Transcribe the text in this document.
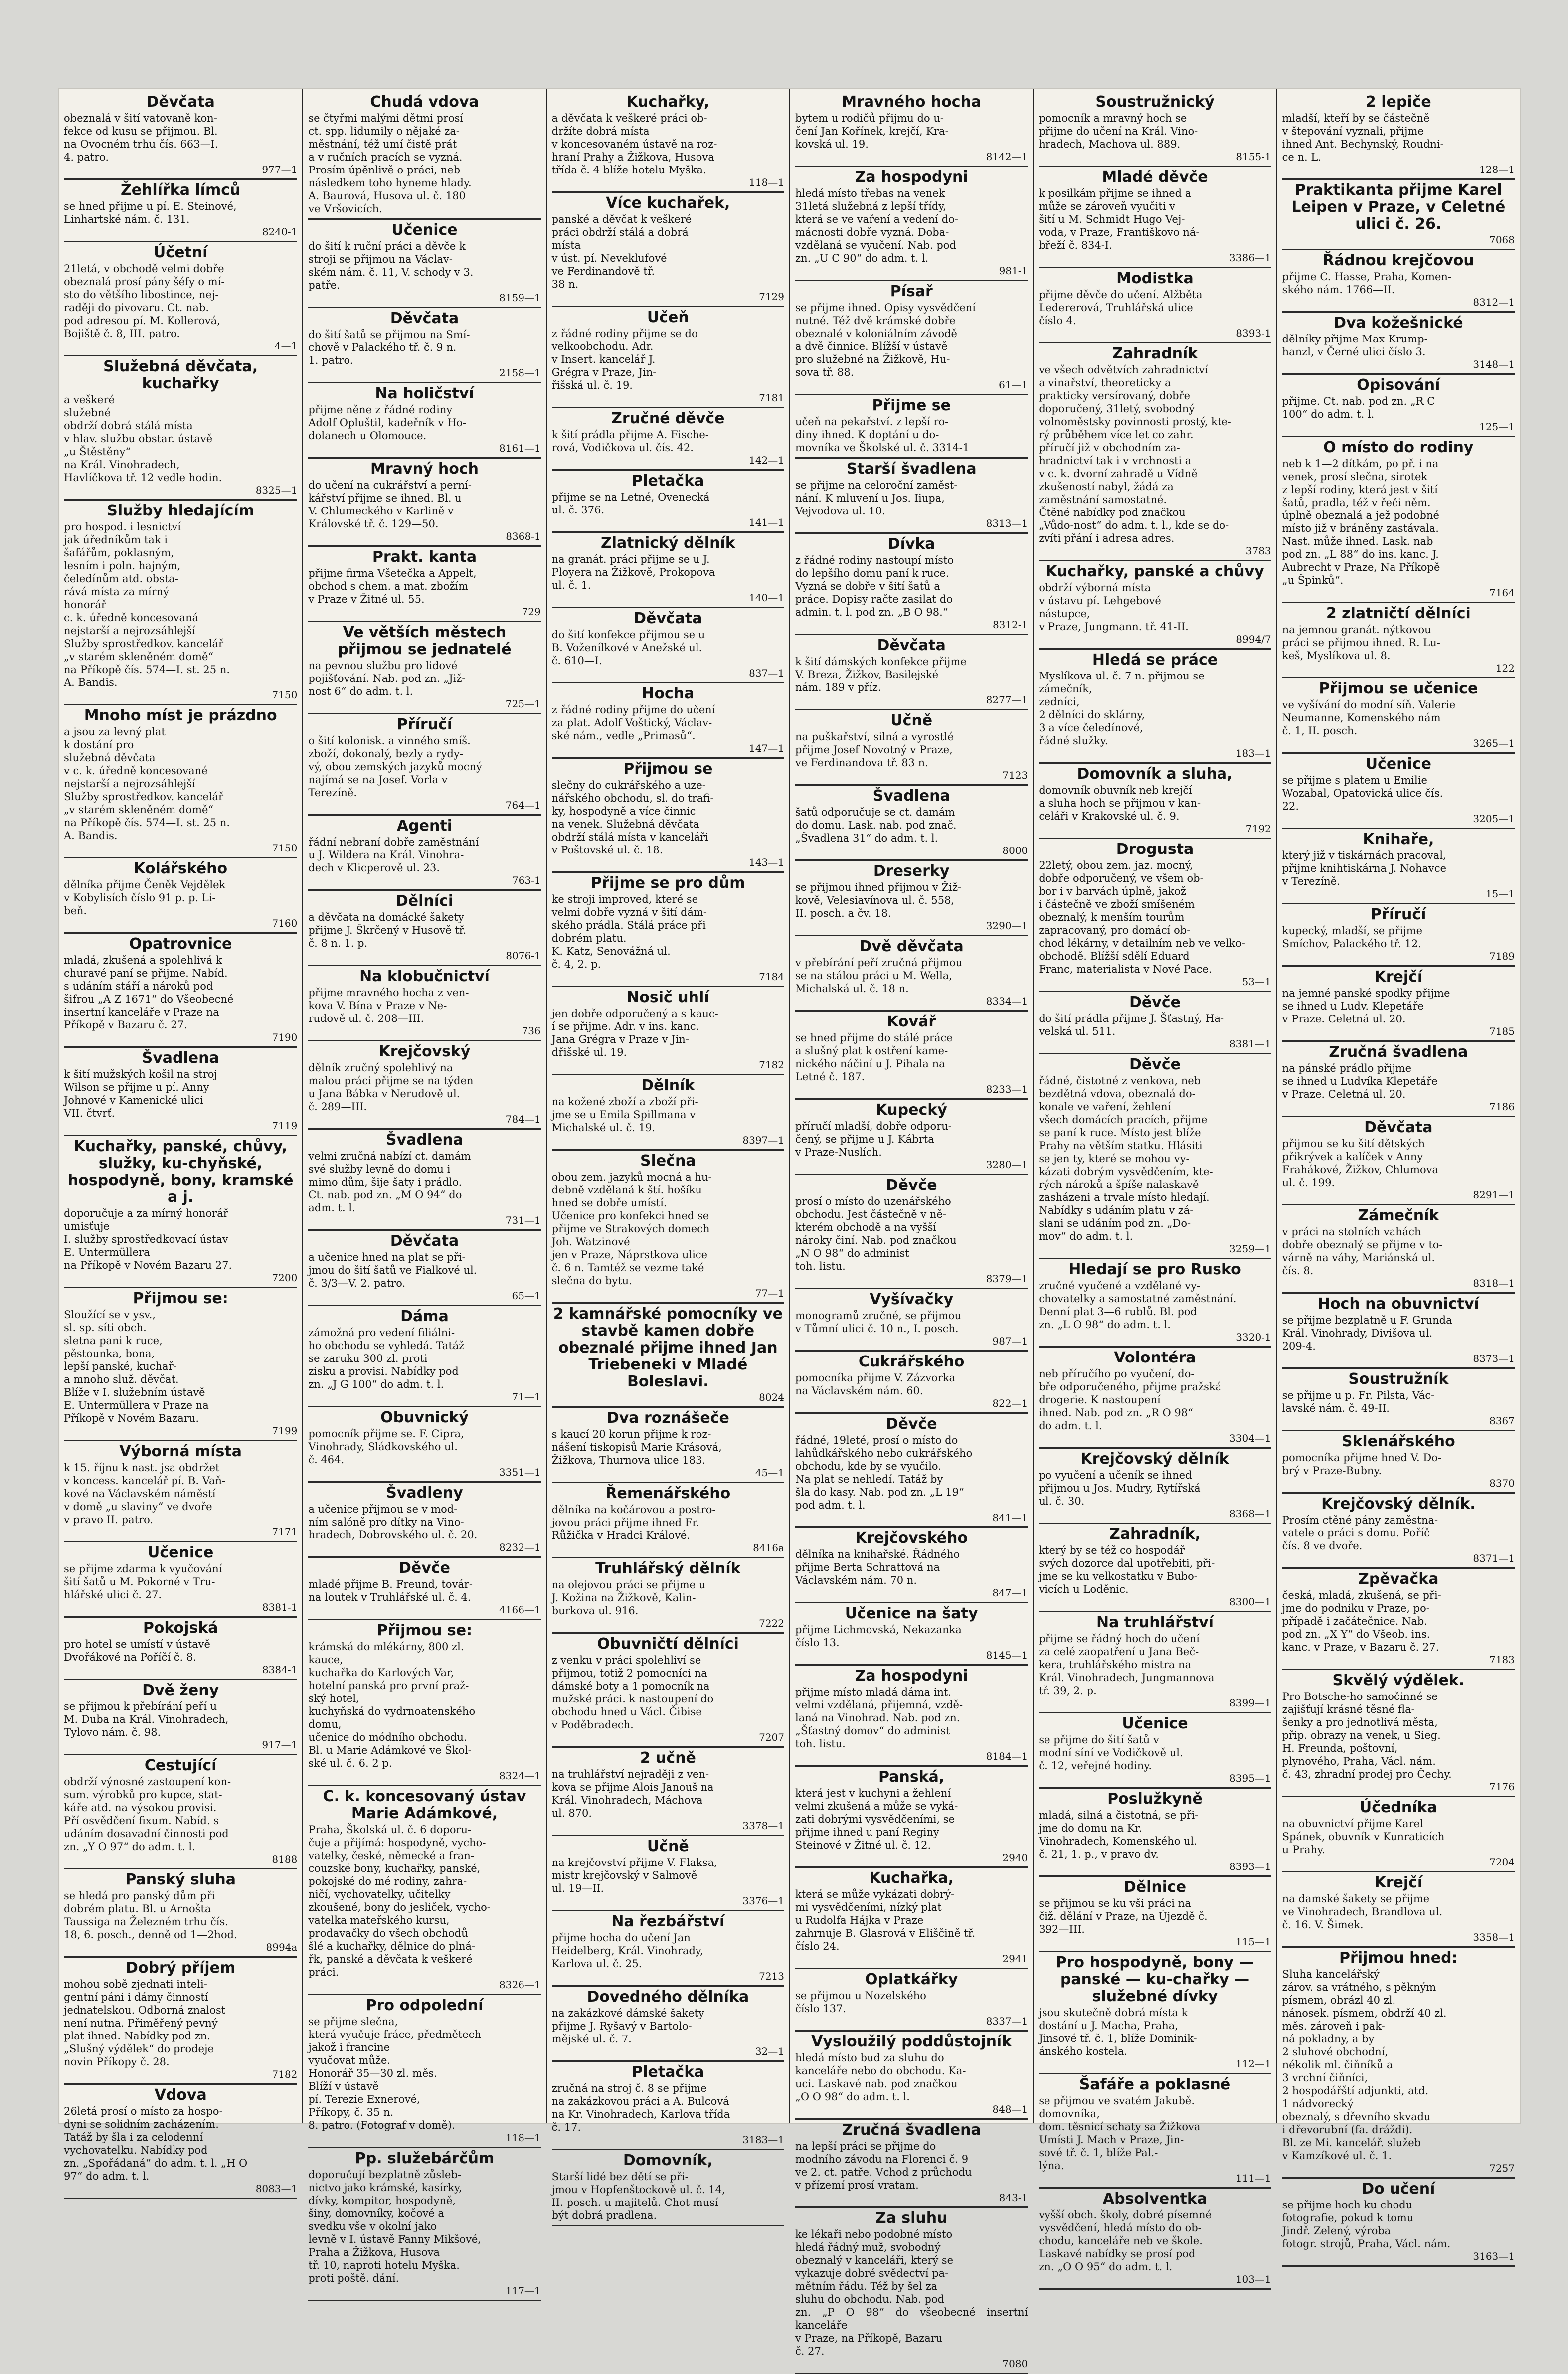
Děvčata
obeznalá v šití vatovaně kon-
fekce od kusu se přijmou. Bl.
na Ovocném trhu čís. 663—I.
4. patro.
977—1
Žehlířka límců
se hned přijme u pí. E. Steinové,
Linhartské nám. č. 131.
8240-1
Účetní
21letá, v obchodě velmi dobře
obeznalá prosí pány šéfy o mí-
sto do většího libostince, nej-
raději do pivovaru. Ct. nab.
pod adresou pí. M. Kollerová,
Bojiště č. 8, III. patro.
4—1
Služebná děvčata, kuchařky
a veškeré
služebné
obdrží dobrá stálá místa
v hlav. službu obstar. ústavě
„u Štěstěny“
na Král. Vinohradech,
Havlíčkova tř. 12 vedle hodin.
8325—1
Služby hledajícím
pro hospod. i lesnictví
jak úředníkům tak i
šafářům, poklasným,
lesním i poln. hajným,
čeledínům atd. obsta-
rává místa za mírný
honorář
c. k. úředně koncesovaná
nejstarší a nejrozsáhlejší
Služby sprostředkov. kancelář
„v starém skleněném domě“
na Příkopě čís. 574—I. st. 25 n.
A. Bandis.
7150
Mnoho míst je prázdno
a jsou za levný plat
k dostání pro
služebná děvčata
v c. k. úředně koncesované
nejstarší a nejrozsáhlejší
Služby sprostředkov. kancelář
„v starém skleněném domě“
na Příkopě čís. 574—I. st. 25 n.
A. Bandis.
7150
Kolářského
dělníka přijme Čeněk Vejdělek
v Kobylisích číslo 91 p. p. Li-
beň.
7160
Opatrovnice
mladá, zkušená a spolehlivá k
churavé paní se přijme. Nabíd.
s udáním stáří a nároků pod
šifrou „A Z 1671“ do Všeobecné
insertní kanceláře v Praze na
Příkopě v Bazaru č. 27.
7190
Švadlena
k šití mužských košil na stroj
Wilson se přijme u pí. Anny
Johnové v Kamenické ulici
VII. čtvrť.
7119
Kuchařky, panské, chůvy, služky, ku-chyňské, hospodyně, bony, kramské a j.
doporučuje a za mírný honorář
umisťuje
I. služby sprostředkovací ústav
E. Untermüllera
na Příkopě v Novém Bazaru 27.
7200
Přijmou se:
Sloužící se v ysv.,
sl. sp. síti obch.
sletna pani k ruce,
pěstounka, bona,
lepší panské, kuchař-
a mnoho služ. děvčat.
Blíže v I. služebním ústavě
E. Untermüllera v Praze na
Příkopě v Novém Bazaru.
7199
Výborná místa
k 15. říjnu k nast. jsa obdržet
v koncess. kancelář pí. B. Vaň-
kové na Václavském náměstí
v domě „u slaviny“ ve dvoře
v pravo II. patro.
7171
Učenice
se přijme zdarma k vyučování
šití šatů u M. Pokorné v Tru-
hlářské ulici č. 27.
8381-1
Pokojská
pro hotel se umístí v ústavě
Dvořákové na Poříčí č. 8.
8384-1
Dvě ženy
se přijmou k přebírání peří u
M. Duba na Král. Vinohradech,
Tylovo nám. č. 98.
917—1
Cestující
obdrží výnosné zastoupení kon-
sum. výrobků pro kupce, stat-
káře atd. na výsokou provisi.
Pří osvědčení fixum. Nabíd. s
udáním dosavadní činnosti pod
zn. „Y O 97“ do adm. t. l.
8188
Panský sluha
se hledá pro panský dům při
dobrém platu. Bl. u Arnošta
Taussiga na Železném trhu čís.
18, 6. posch., denně od 1—2hod.
8994a
Dobrý příjem
mohou sobě zjednati inteli-
gentní páni i dámy činností
jednatelskou. Odborná znalost
není nutna. Přiměřený pevný
plat ihned. Nabídky pod zn.
„Slušný výdělek“ do prodeje
novin Příkopy č. 28.
7182
Vdova
26letá prosí o místo za hospo-
dyni se solidním zacházením.
Tatáž by šla i za celodenní
vychovatelku. Nabídky pod
zn. „Spořádaná“ do adm. t. l. „H O
97“ do adm. t. l.
8083—1
Chudá vdova
se čtyřmi malými dětmi prosí
ct. spp. lidumily o nějaké za-
městnání, též umí čistě prát
a v ručních pracích se vyzná.
Prosím úpěnlivě o práci, neb
následkem toho hyneme hlady.
A. Baurová, Husova ul. č. 180
ve Vršovicích.
Učenice
do šití k ruční práci a děvče k
stroji se přijmou na Václav-
ském nám. č. 11, V. schody v 3.
patře.
8159—1
Děvčata
do šití šatů se přijmou na Smí-
chově v Palackého tř. č. 9 n.
1. patro.
2158—1
Na holičství
přijme něne z řádné rodiny
Adolf Opluštil, kadeřník v Ho-
dolanech u Olomouce.
8161—1
Mravný hoch
do učení na cukrářství a perní-
kářství přijme se ihned. Bl. u
V. Chlumeckého v Karlině v
Královské tř. č. 129—50.
8368-1
Prakt. kanta
přijme firma Všetečka a Appelt,
obchod s chem. a mat. zbožím
v Praze v Žitné ul. 55.
729
Ve větších městech přijmou se jednatelé
na pevnou službu pro lidové
pojišťování. Nab. pod zn. „Již-
nost 6“ do adm. t. l.
725—1
Příručí
o šití kolonisk. a vinného smíš.
zboží, dokonalý, bezly a rydy-
vý, obou zemských jazyků mocný
najímá se na Josef. Vorla v
Terezíně.
764—1
Agenti
řádní nebraní dobře zaměstnání
u J. Wildera na Král. Vinohra-
dech v Klicperově ul. 23.
763-1
Dělníci
a děvčata na domácké šakety
přijme J. Škrčený v Husově tř.
č. 8 n. 1. p.
8076-1
Na klobučnictví
přijme mravného hocha z ven-
kova V. Bína v Praze v Ne-
rudově ul. č. 208—III.
736
Krejčovský
dělník zručný spolehlivý na
malou práci přijme se na týden
u Jana Bábka v Nerudově ul.
č. 289—III.
784—1
Švadlena
velmi zručná nabízí ct. damám
své služby levně do domu i
mimo dům, šije šaty i prádlo.
Ct. nab. pod zn. „M O 94“ do
adm. t. l.
731—1
Děvčata
a učenice hned na plat se při-
jmou do šití šatů ve Fialkové ul.
č. 3/3—V. 2. patro.
65—1
Dáma
zámožná pro vedení filiálni-
ho obchodu se vyhledá. Tatáž
se zaruku 300 zl. proti
zisku a provisi. Nabídky pod
zn. „J G 100“ do adm. t. l.
71—1
Obuvnický
pomocník přijme se. F. Cipra,
Vinohrady, Sládkovského ul.
č. 464.
3351—1
Švadleny
a učenice přijmou se v mod-
ním salóně pro dítky na Vino-
hradech, Dobrovského ul. č. 20.
8232—1
Děvče
mladé přijme B. Freund, továr-
na loutek v Truhlářské ul. č. 4.
4166—1
Přijmou se:
krámská do mlékárny, 800 zl.
kauce,
kuchařka do Karlových Var,
hotelní panská pro první praž-
ský hotel,
kuchyňská do vydrnoatenského
domu,
učenice do módního obchodu.
Bl. u Marie Adámkové ve Škol-
ské ul. č. 6. 2 p.
8324—1
C. k. koncesovaný ústav Marie Adámkové,
Praha, Školská ul. č. 6 doporu-
čuje a přijímá: hospodyně, vycho-
vatelky, české, německé a fran-
couzské bony, kuchařky, panské,
pokojské do mé rodiny, zahra-
ničí, vychovatelky, učitelky
zkoušené, bony do jesliček, vycho-
vatelka mateřského kursu,
prodavačky do všech obchodů
šlé a kuchařky, dělnice do plná-
řk, panské a děvčata k veškeré
práci.
8326—1
Pro odpolední
se přijme slečna,
která vyučuje fráce, předmětech
jakož i francine
vyučovat může.
Honorář 35—30 zl. měs.
Blíží v ústavě
pí. Terezie Exnerové,
Příkopy, č. 35 n.
8. patro. (Fotograf v domě).
118—1
Pp. služebárčům
doporučují bezplatně zůsleb-
nictvo jako krámské, kasírky,
dívky, kompitor, hospodyně,
šiny, domovníky, kočové a
svedku vše v okolní jako
levně v I. ústavě Fanny Mikšové,
Praha a Žižkova, Husova
tř. 10, naproti hotelu Myška.
proti poště. dání.
117—1
Kuchařky,
a děvčata k veškeré práci ob-
držíte dobrá místa
v koncesovaném ústavě na roz-
hraní Prahy a Žižkova, Husova
třída č. 4 blíže hotelu Myška.
118—1
Více kuchařek,
panské a děvčat k veškeré
práci obdrží stálá a dobrá
místa
v úst. pí. Neveklufové
ve Ferdinandově tř.
38 n.
7129
Učeň
z řádné rodiny přijme se do
velkoobchodu. Adr.
v Insert. kancelář J.
Grégra v Praze, Jin-
řišská ul. č. 19.
7181
Zručné děvče
k šití prádla přijme A. Fische-
rová, Vodičkova ul. čís. 42.
142—1
Pletačka
přijme se na Letné, Ovenecká
ul. č. 376.
141—1
Zlatnický dělník
na granát. práci přijme se u J.
Ployera na Žižkově, Prokopova
ul. č. 1.
140—1
Děvčata
do šití konfekce přijmou se u
B. Voženílkové v Anežské ul.
č. 610—I.
837—1
Hocha
z řádné rodiny přijme do učení
za plat. Adolf Voštický, Václav-
ské nám., vedle „Primasů“.
147—1
Přijmou se
slečny do cukrářského a uze-
nářského obchodu, sl. do trafi-
ky, hospodyně a více činnic
na venek. Služebná děvčata
obdrží stálá místa v kanceláři
v Poštovské ul. č. 18.
143—1
Přijme se pro dům
ke stroji improved, které se
velmi dobře vyzná v šití dám-
ského prádla. Stálá práce při
dobrém platu.
K. Katz, Senovážná ul.
č. 4, 2. p.
7184
Nosič uhlí
jen dobře odporučený a s kauc-
í se přijme. Adr. v ins. kanc.
Jana Grégra v Praze v Jin-
dřišské ul. 19.
7182
Dělník
na kožené zboží a zboží při-
jme se u Emila Spillmana v
Michalské ul. č. 19.
8397—1
Slečna
obou zem. jazyků mocná a hu-
debně vzdělaná k ští. hošíku
hned se dobře umístí.
Učenice pro konfekci hned se
přijme ve Strakových domech
Joh. Watzinové
jen v Praze, Náprstkova ulice
č. 6 n. Tamtéž se vezme také
slečna do bytu.
77—1
2 kamnářské pomocníky ve stavbě kamen dobře obeznalé přijme ihned Jan Triebeneki v Mladé Boleslavi.
8024
Dva roznášeče
s kaucí 20 korun přijme k roz-
nášení tiskopisů Marie Krásová,
Žižkova, Thurnova ulice 183.
45—1
Řemenářského
dělníka na kočárovou a postro-
jovou práci přijme ihned Fr.
Růžička v Hradci Králové.
8416a
Truhlářský dělník
na olejovou práci se přijme u
J. Kožina na Žižkově, Kalin-
burkova ul. 916.
7222
Obuvničtí dělníci
z venku v práci spolehliví se
přijmou, totiž 2 pomocníci na
dámské boty a 1 pomocník na
mužské práci. k nastoupení do
obchodu hned u Václ. Čibise
v Poděbradech.
7207
2 učně
na truhlářství nejraději z ven-
kova se přijme Alois Janouš na
Král. Vinohradech, Máchova
ul. 870.
3378—1
Učně
na krejčovství přijme V. Flaksa,
mistr krejčovský v Salmově
ul. 19—II.
3376—1
Na řezbářství
přijme hocha do učení Jan
Heidelberg, Král. Vinohrady,
Karlova ul. č. 25.
7213
Dovedného dělníka
na zakázkové dámské šakety
přijme J. Ryšavý v Bartolo-
mějské ul. č. 7.
32—1
Pletačka
zručná na stroj č. 8 se přijme
na zakázkovou práci a A. Bulcová
na Kr. Vinohradech, Karlova třída
č. 17.
3183—1
Domovník,
Starší lidé bez dětí se při-
jmou v Hopfenštockově ul. č. 14,
II. posch. u majitelů. Chot musí
být dobrá pradlena.
Mravného hocha
bytem u rodičů přijmu do u-
čení Jan Kořínek, krejčí, Kra-
kovská ul. 19.
8142—1
Za hospodyni
hledá místo třebas na venek
31letá služebná z lepší třídy,
která se ve vaření a vedení do-
mácnosti dobře vyzná. Doba-
vzdělaná se vyučení. Nab. pod
zn. „U C 90“ do adm. t. l.
981-1
Písař
se přijme ihned. Opisy vysvědčení
nutné. Též dvě krámské dobře
obeznalé v koloniálním závodě
a dvě činnice. Blížší v ústavě
pro služebné na Žižkově, Hu-
sova tř. 88.
61—1
Přijme se
učeň na pekařství. z lepší ro-
diny ihned. K doptání u do-
movníka ve Školské ul. č. 3314-1
Starší švadlena
se přijme na celoroční zaměst-
nání. K mluvení u Jos. Iiupa,
Vejvodova ul. 10.
8313—1
Dívka
z řádné rodiny nastoupí místo
do lepšího domu paní k ruce.
Vyzná se dobře v šití šatů a
práce. Dopisy račte zasilat do
admin. t. l. pod zn. „B O 98.“
8312-1
Děvčata
k šití dámských konfekce přijme
V. Breza, Žižkov, Basilejské
nám. 189 v příz.
8277—1
Učně
na puškařství, silná a vyrostlé
přijme Josef Novotný v Praze,
ve Ferdinandova tř. 83 n.
7123
Švadlena
šatů odporučuje se ct. damám
do domu. Lask. nab. pod znač.
„Švadlena 31“ do adm. t. l.
8000
Dreserky
se přijmou ihned přijmou v Žiž-
kově, Velesiavínova ul. č. 558,
II. posch. a čv. 18.
3290—1
Dvě děvčata
v přebírání peří zručná přijmou
se na stálou práci u M. Wella,
Michalská ul. č. 18 n.
8334—1
Kovář
se hned přijme do stálé práce
a slušný plat k ostření kame-
nického náčiní u J. Pihala na
Letné č. 187.
8233—1
Kupecký
příručí mladší, dobře odporu-
čený, se přijme u J. Kábrta
v Praze-Nuslích.
3280—1
Děvče
prosí o místo do uzenářského
obchodu. Jest částečně v ně-
kterém obchodě a na vyšší
nároky činí. Nab. pod značkou
„N O 98“ do administ
toh. listu.
8379—1
Vyšívačky
monogramů zručné, se přijmou
v Tůmní ulici č. 10 n., I. posch.
987—1
Cukrářského
pomocníka přijme V. Zázvorka
na Václavském nám. 60.
822—1
Děvče
řádné, 19leté, prosí o místo do
lahůdkářského nebo cukrářského
obchodu, kde by se vyučilo.
Na plat se nehledí. Tatáž by
šla do kasy. Nab. pod zn. „L 19“
pod adm. t. l.
841—1
Krejčovského
dělníka na knihařské. Řádného
přijme Berta Schrattová na
Václavském nám. 70 n.
847—1
Učenice na šaty
přijme Lichmovská, Nekazanka
číslo 13.
8145—1
Za hospodyni
přijme místo mladá dáma int.
velmi vzdělaná, přijemná, vzdě-
laná na Vinohrad. Nab. pod zn.
„Šťastný domov“ do administ
toh. listu.
8184—1
Panská,
která jest v kuchyni a žehlení
velmi zkušená a může se vyká-
zati dobrými vysvědčeními, se
přijme ihned u paní Reginy
Steinové v Žitné ul. č. 12.
2940
Kuchařka,
která se může vykázati dobrý-
mi vysvědčeními, nízký plat
u Rudolfa Hájka v Praze
zahrnuje B. Glasrová v Eliščině tř.
číslo 24.
2941
Oplatkářky
se přijmou u Nozelského
číslo 137.
8337—1
Vysloužilý poddůstojník
hledá místo bud za sluhu do
kanceláře nebo do obchodu. Ka-
uci. Laskavé nab. pod značkou
„O O 98“ do adm. t. l.
848—1
Zručná švadlena
na lepší práci se přijme do
modního závodu na Florenci č. 9
ve 2. ct. patře. Vchod z průchodu
v přízemí prosí vratam.
843-1
Za sluhu
ke lékaři nebo podobné místo
hledá řádný muž, svobodný
obeznalý v kanceláři, který se
vykazuje dobré svědectví pa-
mětním řádu. Též by šel za
sluhu do obchodu. Nab. pod
zn. „P O 98“ do všeobecné insertní kanceláře
v Praze, na Příkopě, Bazaru
č. 27.
7080
Soustružnický
pomocník a mravný hoch se
přijme do učení na Král. Vino-
hradech, Machova ul. 889.
8155-1
Mladé děvče
k posilkám přijme se ihned a
může se zároveň vyučiti v
šití u M. Schmidt Hugo Vej-
voda, v Praze, Františkovo ná-
břeží č. 834-I.
3386—1
Modistka
přijme děvče do učení. Alžběta
Ledererová, Truhlářská ulice
číslo 4.
8393-1
Zahradník
ve všech odvětvích zahradnictví
a vinařství, theoreticky a
prakticky versírovaný, dobře
doporučený, 31letý, svobodný
volnoměstsky povinnosti prostý, kte-
rý průběhem více let co zahr.
příručí již v obchodním za-
hradnictví tak i v vrchnosti a
v c. k. dvorní zahradě u Vídně
zkušeností nabyl, žádá za
zaměstnání samostatné.
Čtěné nabídky pod značkou
„Vůdo-nost“ do adm. t. l., kde se do-
zvíti přání i adresa adres.
3783
Kuchařky, panské a chůvy
obdrží výborná místa
v ústavu pí. Lehgebové
nástupce,
v Praze, Jungmann. tř. 41-II.
8994/7
Hledá se práce
Myslíkova ul. č. 7 n. přijmou se
zámečník,
zedníci,
2 dělníci do sklárny,
3 a více čeledínové,
řádné služky.
183—1
Domovník a sluha,
domovník obuvník neb krejčí
a sluha hoch se přijmou v kan-
celáři v Krakovské ul. č. 9.
7192
Drogusta
22letý, obou zem. jaz. mocný,
dobře odporučený, ve všem ob-
bor i v barvách úplně, jakož
i částečně ve zboží smíšeném
obeznalý, k menším tourům
zapracovaný, pro domácí ob-
chod lékárny, v detailním neb ve velko-
obchodě. Blížší sdělí Eduard
Franc, materialista v Nové Pace.
53—1
Děvče
do šití prádla přijme J. Šťastný, Ha-
velská ul. 511.
8381—1
Děvče
řádné, čistotné z venkova, neb
bezdětná vdova, obeznalá do-
konale ve vaření, žehlení
všech domácích pracích, přijme
se paní k ruce. Místo jest blíže
Prahy na větším statku. Hlásiti
se jen ty, které se mohou vy-
kázati dobrým vysvědčením, kte-
rých nároků a špíše nalaskavě
zasházeni a trvale místo hledají.
Nabídky s udáním platu v zá-
slani se udáním pod zn. „Do-
mov“ do adm. t. l.
3259—1
Hledají se pro Rusko
zručné vyučené a vzdělané vy-
chovatelky a samostatné zaměstnání.
Denní plat 3—6 rublů. Bl. pod
zn. „L O 98“ do adm. t. l.
3320-1
Volontéra
neb příručího po vyučení, do-
bře odporučeného, přijme pražská
drogerie. K nastoupení
ihned. Nab. pod zn. „R O 98“
do adm. t. l.
3304—1
Krejčovský dělník
po vyučení a učeník se ihned
přijmou u Jos. Mudry, Rytířská
ul. č. 30.
8368—1
Zahradník,
který by se též co hospodář
svých dozorce dal upotřebiti, při-
jme se ku velkostatku v Bubo-
vicích u Loděnic.
8300—1
Na truhlářství
přijme se řádný hoch do učení
za celé zaopatření u Jana Beč-
kera, truhlářského mistra na
Král. Vinohradech, Jungmannova
tř. 39, 2. p.
8399—1
Učenice
se přijme do šití šatů v
modní síní ve Vodičkově ul.
č. 12, veřejné hodiny.
8395—1
Poslužkyně
mladá, silná a čistotná, se při-
jme do domu na Kr.
Vinohradech, Komenského ul.
č. 21, 1. p., v pravo dv.
8393—1
Dělnice
se přijmou se ku vši práci na
čiž. dělání v Praze, na Újezdě č.
392—III.
115—1
Pro hospodyně, bony — panské — ku-chařky — služebné dívky
jsou skutečně dobrá místa k
dostání u J. Macha, Praha,
Jinsové tř. č. 1, blíže Dominik-
ánského kostela.
112—1
Šafáře a poklasné
se přijmou ve svatém Jakubě.
domovníka,
dom. těsnicí schaty sa Žižkova
Umísti J. Mach v Praze, Jin-
sové tř. č. 1, blíže Pal.-
lýna.
111—1
Absolventka
vyšší obch. školy, dobré písemné
vysvědčení, hledá místo do ob-
chodu, kanceláře neb ve škole.
Laskavé nabídky se prosí pod
zn. „O O 95“ do adm. t. l.
103—1
2 lepiče
mladší, kteří by se částečně
v štepování vyznali, přijme
ihned Ant. Bechynský, Roudni-
ce n. L.
128—1
Praktikanta přijme Karel Leipen v Praze, v Celetné ulici č. 26.
7068
Řádnou krejčovou
přijme C. Hasse, Praha, Komen-
ského nám. 1766—II.
8312—1
Dva kožešnické
dělníky přijme Max Krump-
hanzl, v Černé ulici číslo 3.
3148—1
Opisování
přijme. Ct. nab. pod zn. „R C
100“ do adm. t. l.
125—1
O místo do rodiny
neb k 1—2 dítkám, po př. i na
venek, prosí slečna, sirotek
z lepší rodiny, která jest v šití
šatů, pradla, též v řeči něm.
úplně obeznalá a jež podobné
místo již v bráněny zastávala.
Nast. může ihned. Lask. nab
pod zn. „L 88“ do ins. kanc. J.
Aubrecht v Praze, Na Příkopě
„u Špinků“.
7164
2 zlatničtí dělníci
na jemnou granát. nýtkovou
práci se přijmou ihned. R. Lu-
keš, Myslíkova ul. 8.
122
Přijmou se učenice
ve vyšívání do modní síň. Valerie
Neumanne, Komenského nám
č. 1, II. posch.
3265—1
Učenice
se přijme s platem u Emilie
Wozabal, Opatovická ulice čís.
22.
3205—1
Knihaře,
který již v tiskárnách pracoval,
přijme knihtiskárna J. Nohavce
v Terezíně.
15—1
Příručí
kupecký, mladší, se přijme
Smíchov, Palackého tř. 12.
7189
Krejčí
na jemné panské spodky přijme
se ihned u Ludv. Klepetáře
v Praze. Celetná ul. 20.
7185
Zručná švadlena
na pánské prádlo přijme
se ihned u Ludvíka Klepetáře
v Praze. Celetná ul. 20.
7186
Děvčata
přijmou se ku šití dětských
přikrývek a kalíček v Anny
Frahákové, Žižkov, Chlumova
ul. č. 199.
8291—1
Zámečník
v práci na stolních vahách
dobře obeznalý se přijme v to-
várně na váhy, Mariánská ul.
čís. 8.
8318—1
Hoch na obuvnictví
se přijme bezplatně u F. Grunda
Král. Vinohrady, Divišova ul.
209-4.
8373—1
Soustružník
se přijme u p. Fr. Pilsta, Vác-
lavské nám. č. 49-II.
8367
Sklenářského
pomocníka přijme hned V. Do-
brý v Praze-Bubny.
8370
Krejčovský dělník.
Prosím ctěné pány zaměstna-
vatele o práci s domu. Poříč
čís. 8 ve dvoře.
8371—1
Zpěvačka
česká, mladá, zkušená, se při-
jme do podniku v Praze, po-
případě i začátečnice. Nab.
pod zn. „X Y“ do Všeob. ins.
kanc. v Praze, v Bazaru č. 27.
7183
Skvělý výdělek.
Pro Botsche-ho samočinné se
zajišťují krásné těsné fla-
šenky a pro jednotlivá města,
přip. obrazy na venek, u Sieg.
H. Freunda, poštovní,
plynového, Praha, Václ. nám.
č. 43, zhradní prodej pro Čechy.
7176
Účedníka
na obuvnictví přijme Karel
Spánek, obuvník v Kunraticích
u Prahy.
7204
Krejčí
na damské šakety se přijme
ve Vinohradech, Brandlova ul.
č. 16. V. Šimek.
3358—1
Přijmou hned:
Sluha kancelářský
zárov. sa vrátného, s pěkným
písmem, obrázl 40 zl.
nánosek. písmem, obdrží 40 zl.
měs. zároveň i pak-
ná pokladny, a by
2 sluhové obchodní,
nékolik ml. čiňníků a
3 vrchní čiňníci,
2 hospodářští adjunkti, atd.
1 nádvorecký
obeznalý, s dřevního skvadu
i dřevorubní (fa. dráždi).
Bl. ze Mi. kancelář. služeb
v Kamzíkové ul. č. 1.
7257
Do učení
se přijme hoch ku chodu
fotografie, pokud k tomu
Jindř. Zelený, výroba
fotogr. strojů, Praha, Václ. nám.
3163—1
